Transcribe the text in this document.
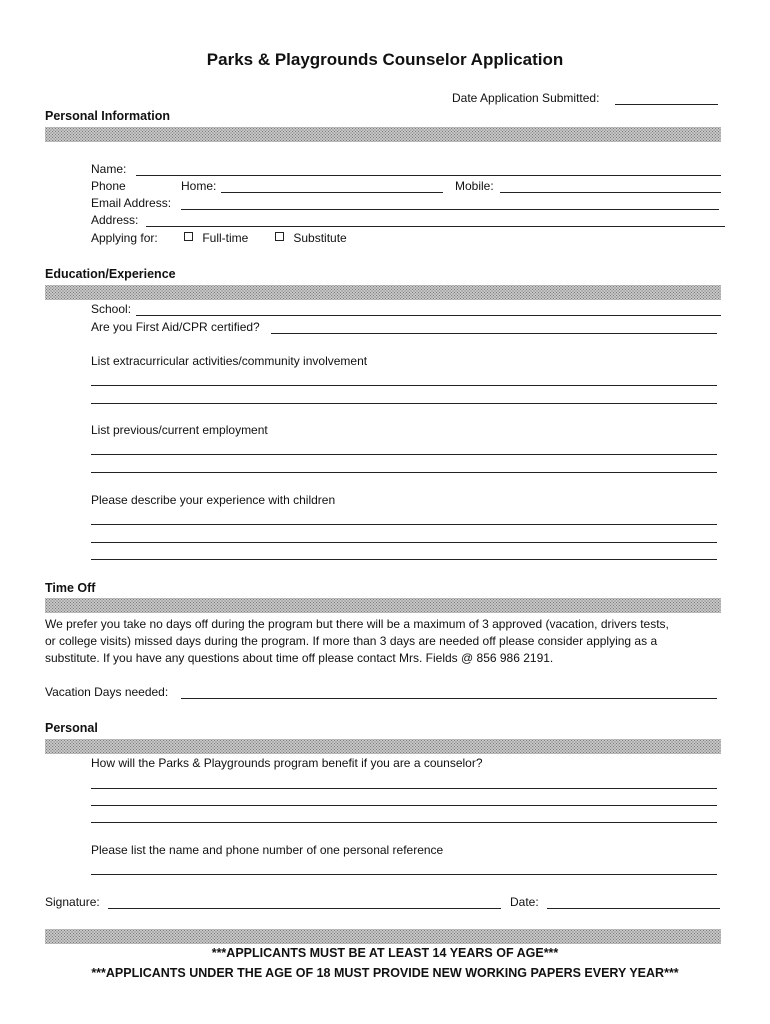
Parks & Playgrounds Counselor Application
Date Application Submitted:
Personal Information
Name:
Phone	Home:	Mobile:
Email Address:
Address:
Applying for:	Full-time	Substitute
Education/Experience
School:
Are you First Aid/CPR certified?
List extracurricular activities/community involvement
List previous/current employment
Please describe your experience with children
Time Off
We prefer you take no days off during the program but there will be a maximum of 3 approved (vacation, drivers tests,
or college visits) missed days during the program. If more than 3 days are needed off please consider applying as a
substitute. If you have any questions about time off please contact Mrs. Fields @ 856 986 2191.
Vacation Days needed:
Personal
How will the Parks & Playgrounds program benefit if you are a counselor?
Please list the name and phone number of one personal reference
Signature:	Date:
***APPLICANTS MUST BE AT LEAST 14 YEARS OF AGE***
***APPLICANTS UNDER THE AGE OF 18 MUST PROVIDE NEW WORKING PAPERS EVERY YEAR***
